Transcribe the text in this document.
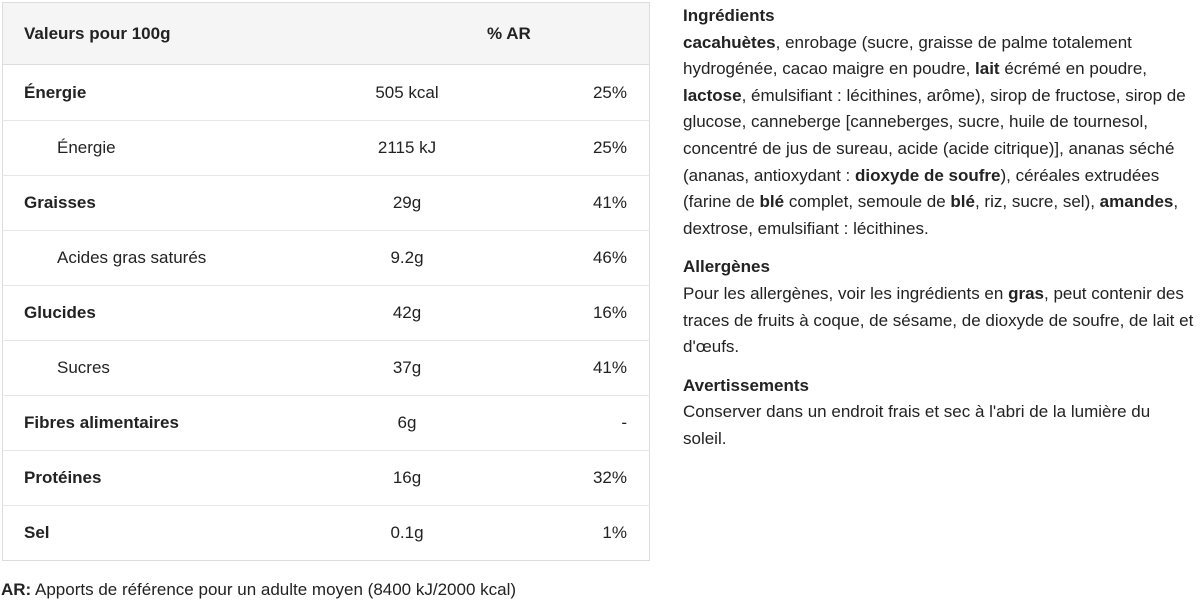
Valeurs pour 100g		% AR
Énergie	505 kcal	25%
Énergie	2115 kJ	25%
Graisses	29g	41%
Acides gras saturés	9.2g	46%
Glucides	42g	16%
Sucres	37g	41%
Fibres alimentaires	6g	-
Protéines	16g	32%
Sel	0.1g	1%
AR: Apports de référence pour un adulte moyen (8400 kJ/2000 kcal)
Ingrédients

cacahuètes, enrobage (sucre, graisse de palme totalement hydrogénée, cacao maigre en poudre, lait écrémé en poudre, lactose, émulsifiant : lécithines, arôme), sirop de fructose, sirop de glucose, canneberge [canneberges, sucre, huile de tournesol, concentré de jus de sureau, acide (acide citrique)], ananas séché (ananas, antioxydant : dioxyde de soufre), céréales extrudées (farine de blé complet, semoule de blé, riz, sucre, sel), amandes, dextrose, emulsifiant : lécithines.

Allergènes

Pour les allergènes, voir les ingrédients en gras, peut contenir des traces de fruits à coque, de sésame, de dioxyde de soufre, de lait et d'œufs.

Avertissements

Conserver dans un endroit frais et sec à l'abri de la lumière du soleil.
